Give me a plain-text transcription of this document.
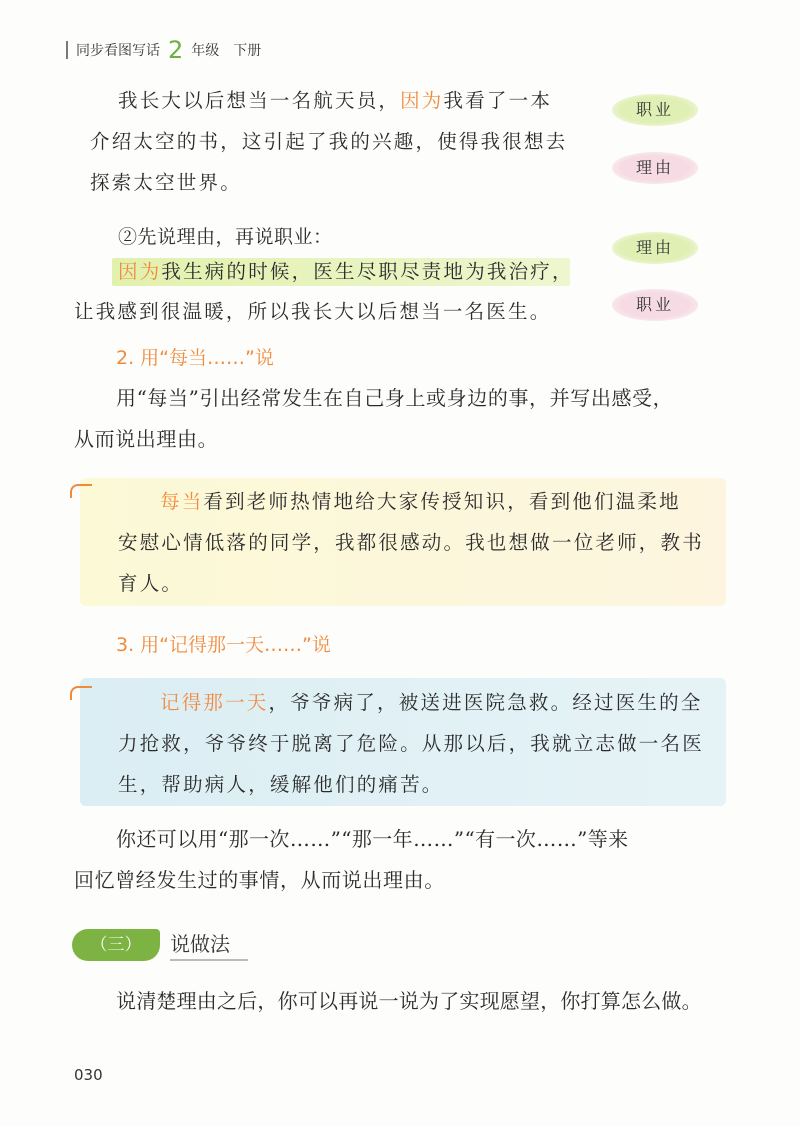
同步看图写话 2 年级 下册
我长大以后想当一名航天员，因为我看了一本
介绍太空的书，这引起了我的兴趣，使得我很想去
探索太空世界。
职业
理由
理由
职业
②先说理由，再说职业：
因为我生病的时候，医生尽职尽责地为我治疗，
让我感到很温暖，所以我长大以后想当一名医生。
2. 用“每当……”说
用“每当”引出经常发生在自己身上或身边的事，并写出感受，
从而说出理由。
每当看到老师热情地给大家传授知识，看到他们温柔地
安慰心情低落的同学，我都很感动。我也想做一位老师，教书
育人。
3. 用“记得那一天……”说
记得那一天，爷爷病了，被送进医院急救。经过医生的全
力抢救，爷爷终于脱离了危险。从那以后，我就立志做一名医
生，帮助病人，缓解他们的痛苦。
你还可以用“那一次……”“那一年……”“有一次……”等来
回忆曾经发生过的事情，从而说出理由。
（三）	说做法
说清楚理由之后，你可以再说一说为了实现愿望，你打算怎么做。
030
